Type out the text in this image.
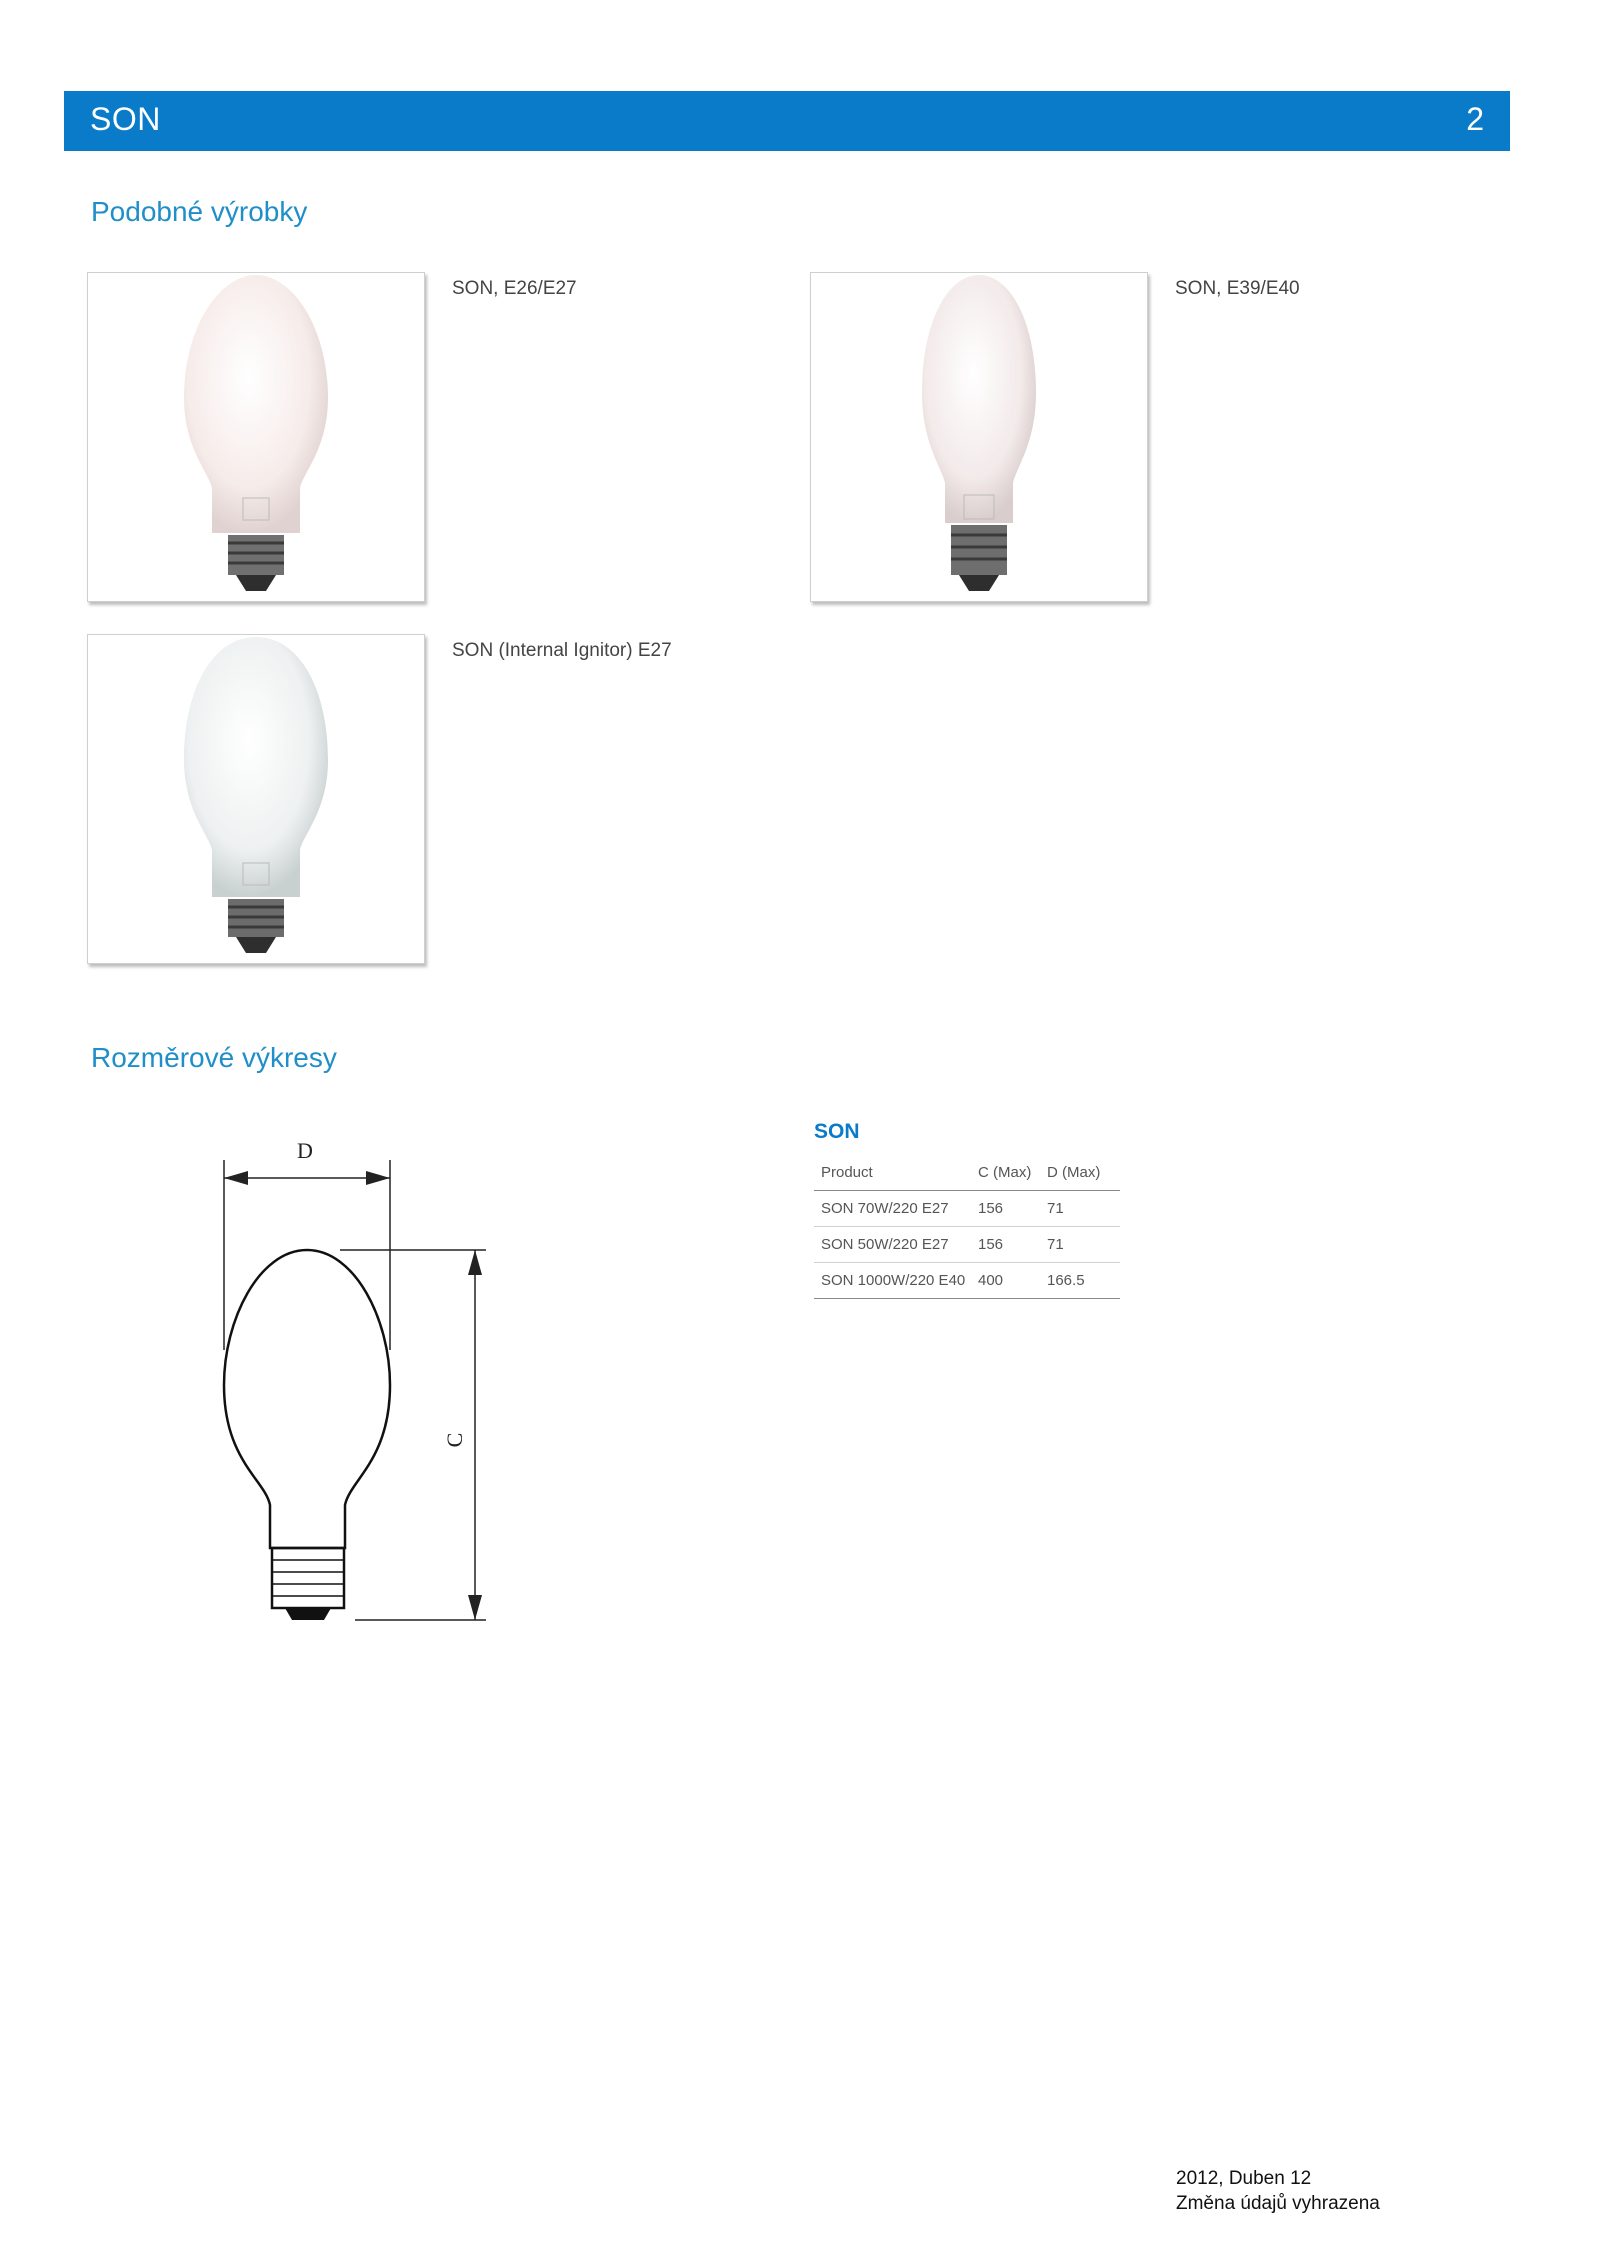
SON	2
Podobné výrobky
SON, E26/E27	SON, E39/E40
SON (Internal Ignitor) E27
Rozměrové výkresy
D
C
SON
Product	C (Max)	D (Max)
SON 70W/220 E27	156	71
SON 50W/220 E27	156	71
SON 1000W/220 E40	400	166.5
2012, Duben 12
Změna údajů vyhrazena
